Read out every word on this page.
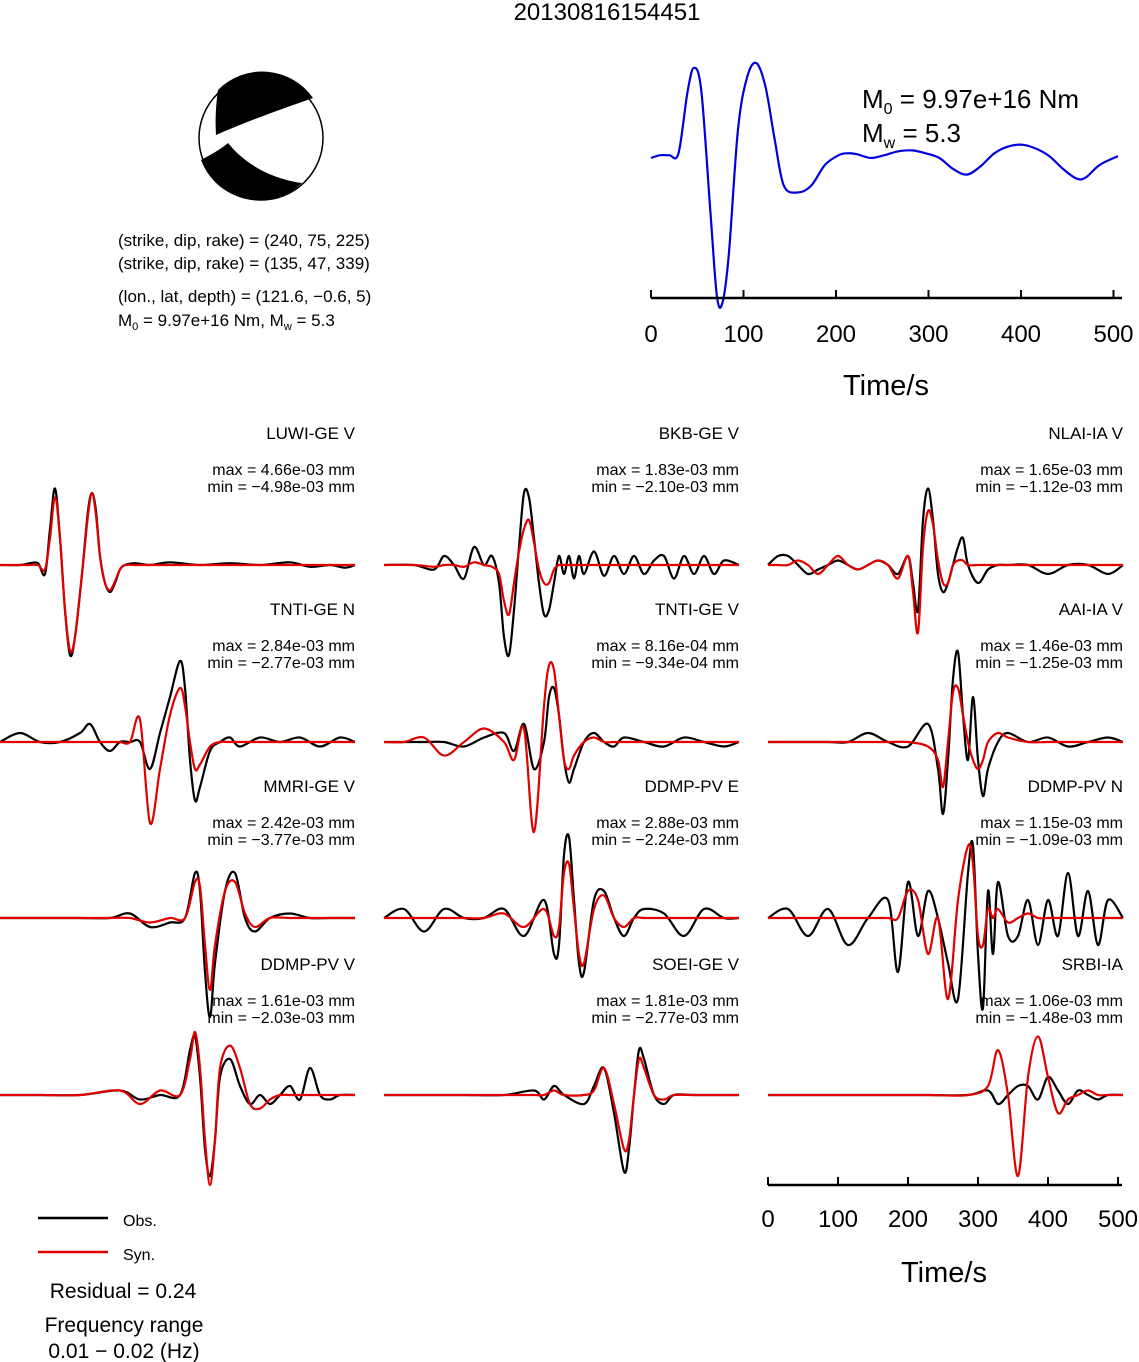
20130816154451
(strike, dip, rake) = (240, 75, 225)
(strike, dip, rake) = (135, 47, 339)
(lon., lat, depth) = (121.6, −0.6, 5)
$M_0 = 9.97e+16$ Nm, $M_w = 5.3$
0	100 200 300 400 500
Time/s
$M_0 = 9.97e+16$ Nm
$M_w = 5.3$
LUWI-GE V
max = 4.66e-03 mm
min = −4.98e-03 mm
BKB-GE V
max = 1.83e-03 mm
min = −2.10e-03 mm
NLAI-IA V
max = 1.65e-03 mm
min = −1.12e-03 mm
TNTI-GE N
max = 2.84e-03 mm
min = −2.77e-03 mm
TNTI-GE V
max = 8.16e-04 mm
min = −9.34e-04 mm
AAI-IA V
max = 1.46e-03 mm
min = −1.25e-03 mm
MMRI-GE V
max = 2.42e-03 mm
min = −3.77e-03 mm
DDMP-PV E
max = 2.88e-03 mm
min = −2.24e-03 mm
DDMP-PV N
max = 1.15e-03 mm
min = −1.09e-03 mm
DDMP-PV V
max = 1.61e-03 mm
min = −2.03e-03 mm
SOEI-GE V
max = 1.81e-03 mm
min = −2.77e-03 mm
SRBI-IA
max = 1.06e-03 mm
min = −1.48e-03 mm
0 100 200 300 400 500
Time/s
Obs.
Syn.
Residual = 0.24
Frequency range
0.01 − 0.02 (Hz)
